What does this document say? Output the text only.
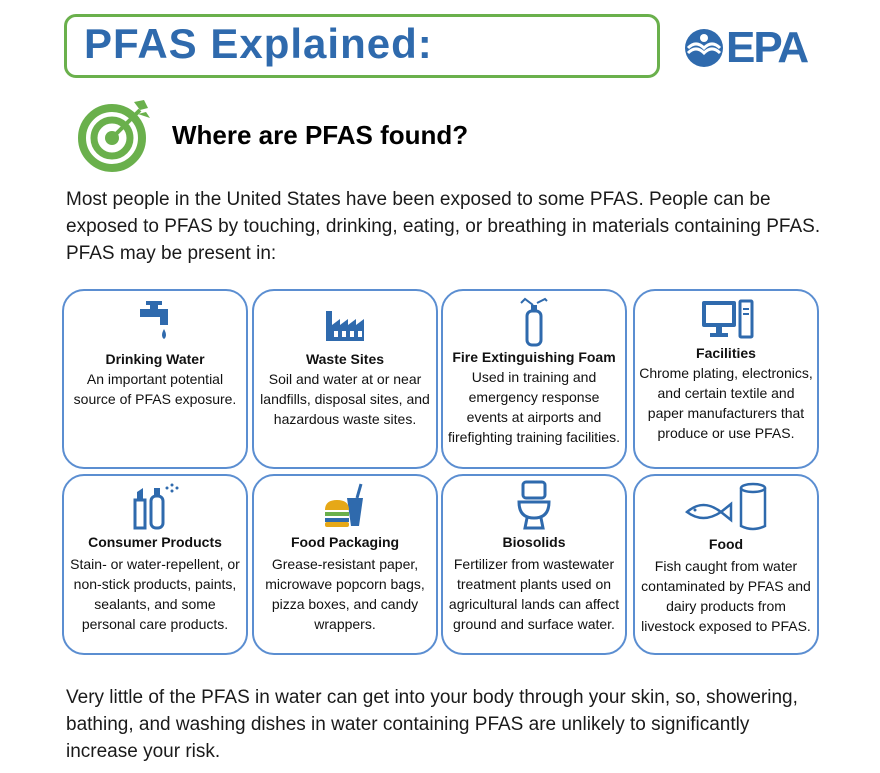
PFAS Explained:	EPA
Where are PFAS found?
Most people in the United States have been exposed to some PFAS. People can be exposed to PFAS by touching, drinking, eating, or breathing in materials containing PFAS. PFAS may be present in:
Drinking Water
An important potential source of PFAS exposure.
Waste Sites
Soil and water at or near landfills, disposal sites, and hazardous waste sites.
Fire Extinguishing Foam
Used in training and emergency response events at airports and firefighting training facilities.
Facilities
Chrome plating, electronics, and certain textile and paper manufacturers that produce or use PFAS.
Consumer Products
Stain- or water-repellent, or non-stick products, paints, sealants, and some personal care products.
Food Packaging
Grease-resistant paper, microwave popcorn bags, pizza boxes, and candy wrappers.
Biosolids
Fertilizer from wastewater treatment plants used on agricultural lands can affect ground and surface water.
Food
Fish caught from water contaminated by PFAS and dairy products from livestock exposed to PFAS.
Very little of the PFAS in water can get into your body through your skin, so, showering, bathing, and washing dishes in water containing PFAS are unlikely to significantly increase your risk.
